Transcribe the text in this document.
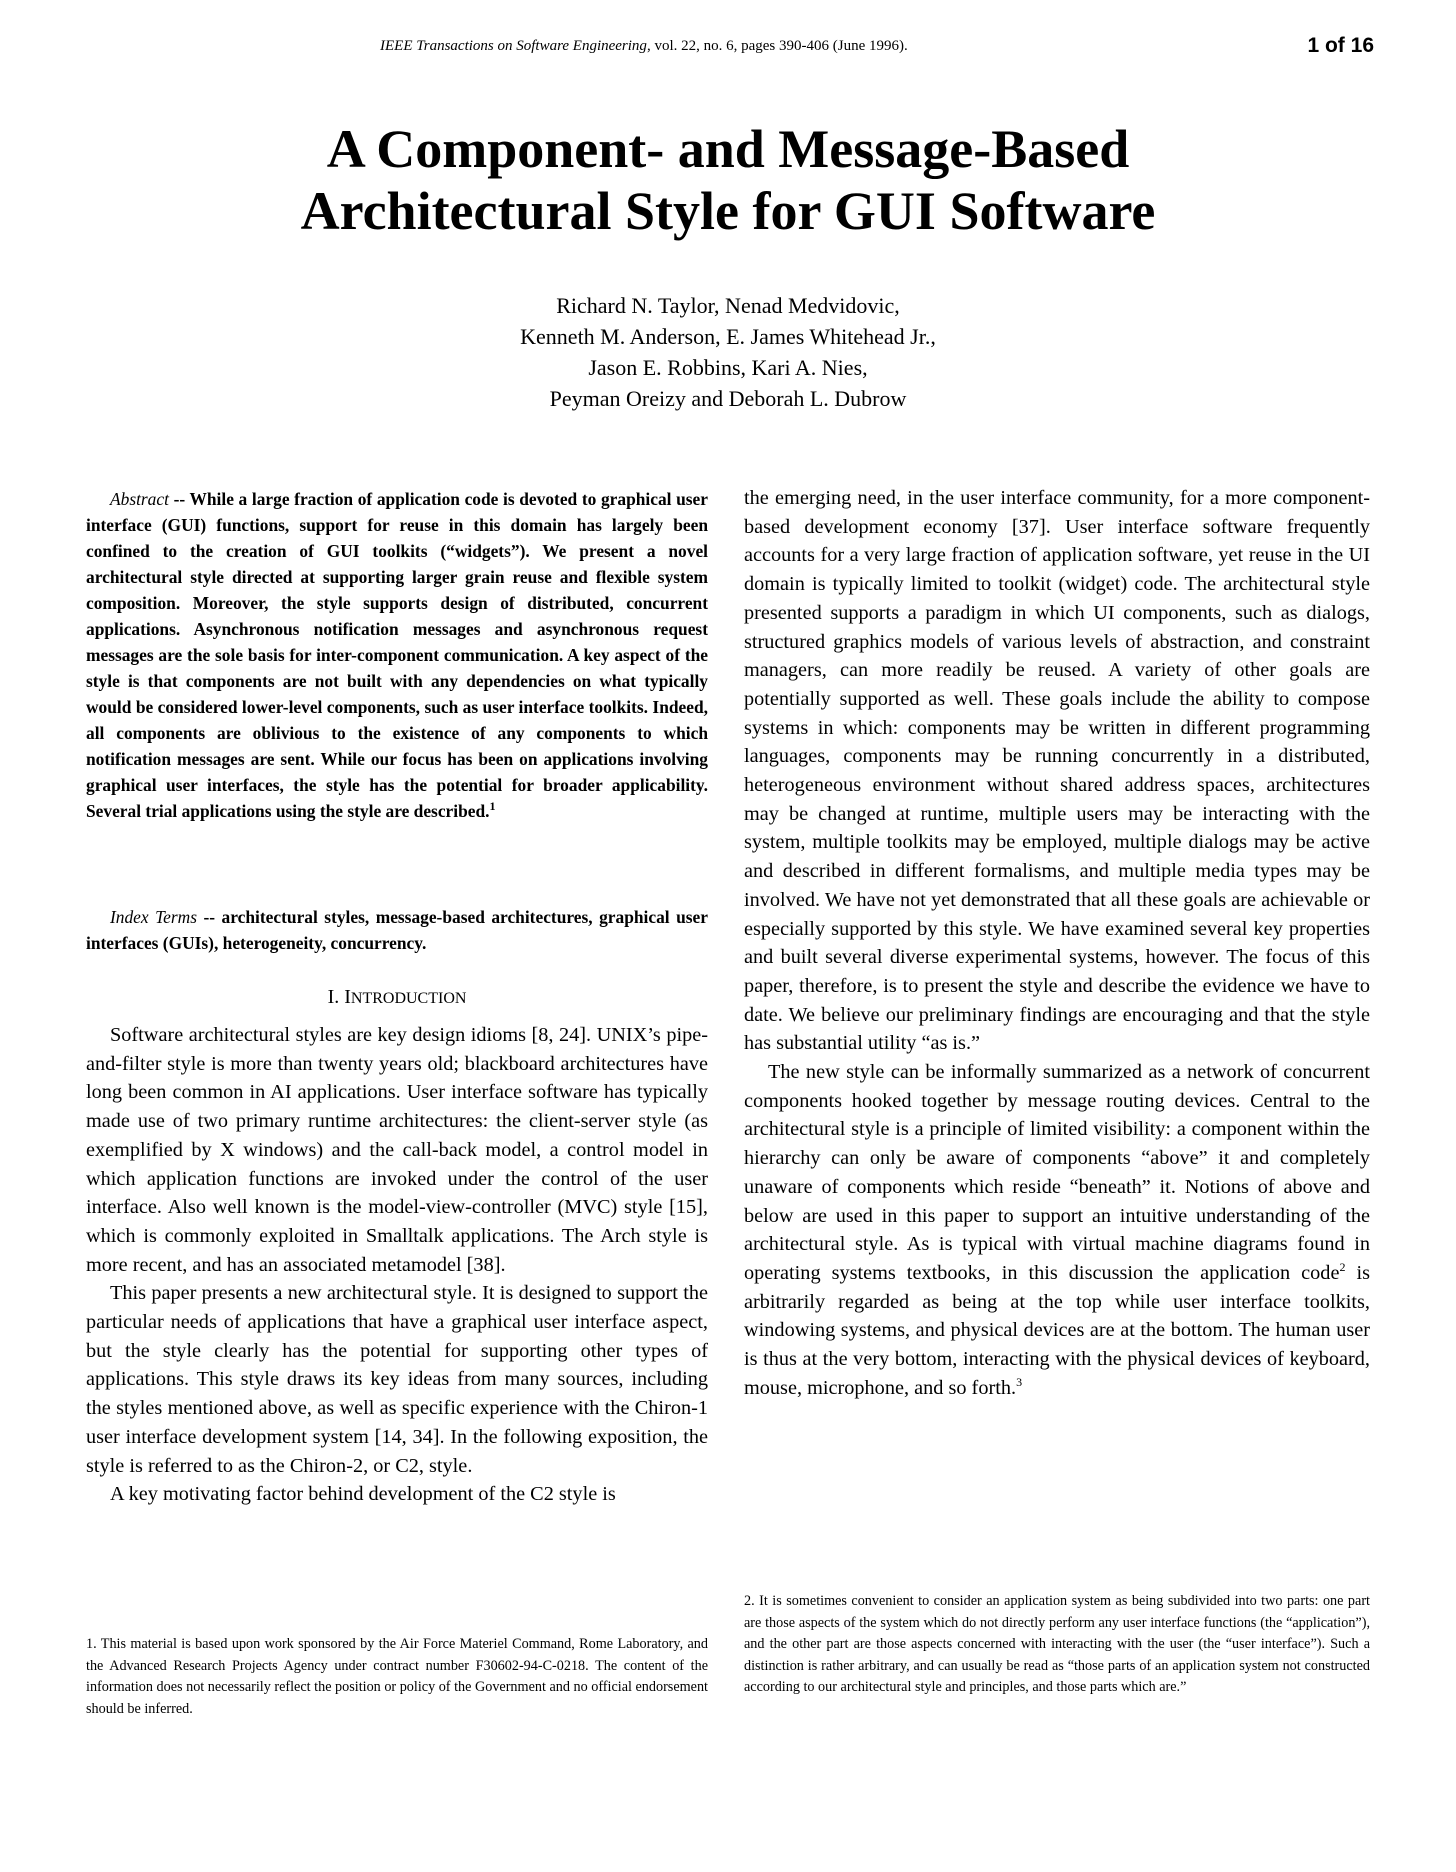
IEEE Transactions on Software Engineering, vol. 22, no. 6, pages 390-406 (June 1996).	1 of 16
A Component- and Message-Based
Architectural Style for GUI Software
Richard N. Taylor, Nenad Medvidovic,
Kenneth M. Anderson, E. James Whitehead Jr.,
Jason E. Robbins, Kari A. Nies,
Peyman Oreizy and Deborah L. Dubrow

Abstract -- While a large fraction of application code is devoted to graphical user interface (GUI) functions, support for reuse in this domain has largely been confined to the creation of GUI toolkits (“widgets”). We present a novel architectural style directed at supporting larger grain reuse and flexible system composition. Moreover, the style supports design of distributed, concurrent applications. Asynchronous notification messages and asynchronous request messages are the sole basis for inter-component communication. A key aspect of the style is that components are not built with any dependencies on what typically would be considered lower-level components, such as user interface toolkits. Indeed, all components are oblivious to the existence of any components to which notification messages are sent. While our focus has been on applications involving graphical user interfaces, the style has the potential for broader applicability. Several trial applications using the style are described.$^1$

Index Terms -- architectural styles, message-based architectures, graphical user interfaces (GUIs), heterogeneity, concurrency.

I. INTRODUCTION

Software architectural styles are key design idioms [8, 24]. UNIX’s pipe-and-filter style is more than twenty years old; blackboard architectures have long been common in AI applications. User interface software has typically made use of two primary runtime architectures: the client-server style (as exemplified by X windows) and the call-back model, a control model in which application functions are invoked under the control of the user interface. Also well known is the model-view-controller (MVC) style [15], which is commonly exploited in Smalltalk applications. The Arch style is more recent, and has an associated metamodel [38].

This paper presents a new architectural style. It is designed to support the particular needs of applications that have a graphical user interface aspect, but the style clearly has the potential for supporting other types of applications. This style draws its key ideas from many sources, including the styles mentioned above, as well as specific experience with the Chiron-1 user interface development system [14, 34]. In the following exposition, the style is referred to as the Chiron-2, or C2, style.

A key motivating factor behind development of the C2 style is

the emerging need, in the user interface community, for a more component-based development economy [37]. User interface software frequently accounts for a very large fraction of application software, yet reuse in the UI domain is typically limited to toolkit (widget) code. The architectural style presented supports a paradigm in which UI components, such as dialogs, structured graphics models of various levels of abstraction, and constraint managers, can more readily be reused. A variety of other goals are potentially supported as well. These goals include the ability to compose systems in which: components may be written in different programming languages, components may be running concurrently in a distributed, heterogeneous environment without shared address spaces, architectures may be changed at runtime, multiple users may be interacting with the system, multiple toolkits may be employed, multiple dialogs may be active and described in different formalisms, and multiple media types may be involved. We have not yet demonstrated that all these goals are achievable or especially supported by this style. We have examined several key properties and built several diverse experimental systems, however. The focus of this paper, therefore, is to present the style and describe the evidence we have to date. We believe our preliminary findings are encouraging and that the style has substantial utility “as is.”

The new style can be informally summarized as a network of concurrent components hooked together by message routing devices. Central to the architectural style is a principle of limited visibility: a component within the hierarchy can only be aware of components “above” it and completely unaware of components which reside “beneath” it. Notions of above and below are used in this paper to support an intuitive understanding of the architectural style. As is typical with virtual machine diagrams found in operating systems textbooks, in this discussion the application code$^2$ is arbitrarily regarded as being at the top while user interface toolkits, windowing systems, and physical devices are at the bottom. The human user is thus at the very bottom, interacting with the physical devices of keyboard, mouse, microphone, and so forth.$^3$

1. This material is based upon work sponsored by the Air Force Materiel Command, Rome Laboratory, and the Advanced Research Projects Agency under contract number F30602-94-C-0218. The content of the information does not necessarily reflect the position or policy of the Government and no official endorsement should be inferred.

2. It is sometimes convenient to consider an application system as being subdivided into two parts: one part are those aspects of the system which do not directly perform any user interface functions (the “application”), and the other part are those aspects concerned with interacting with the user (the “user interface”). Such a distinction is rather arbitrary, and can usually be read as “those parts of an application system not constructed according to our architectural style and principles, and those parts which are.”
